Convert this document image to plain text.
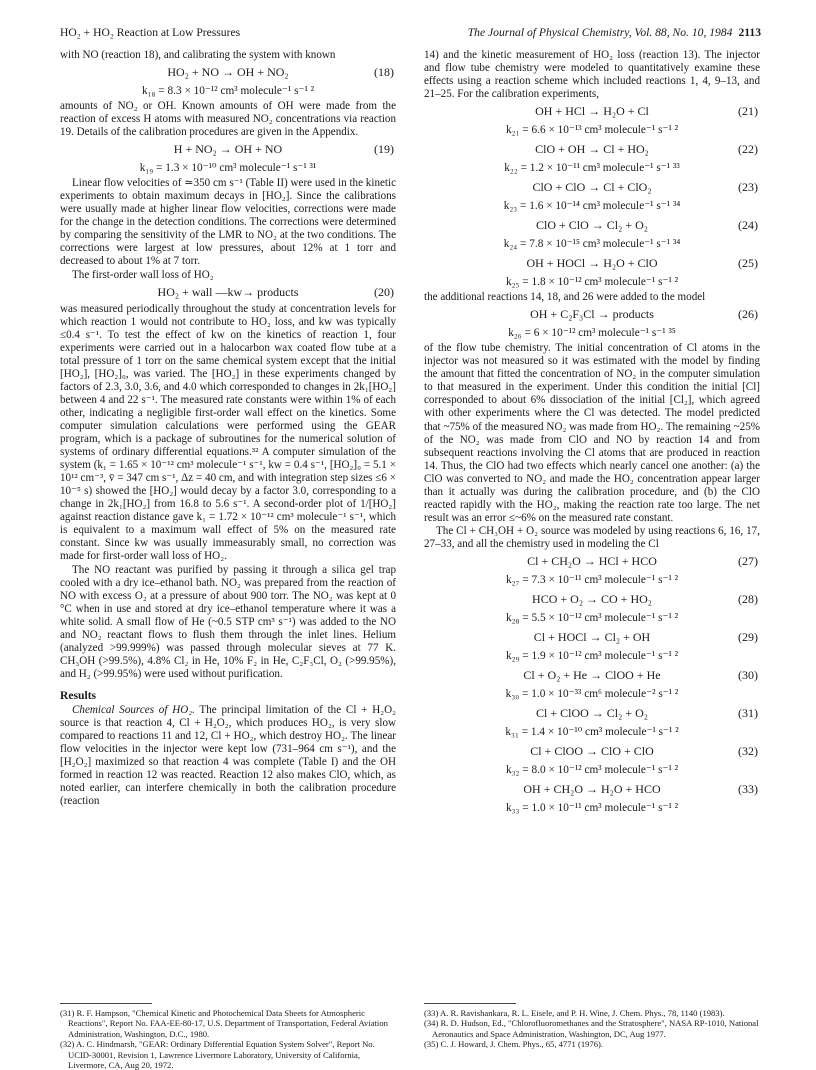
HO₂ + HO₂ Reaction at Low Pressures	The Journal of Physical Chemistry, Vol. 88, No. 10, 1984 2113

with NO (reaction 18), and calibrating the system with known

HO₂ + NO → OH + NO₂	(18)
k₁₈ = 8.3 × 10⁻¹² cm³ molecule⁻¹ s⁻¹ ²

amounts of NO₂ or OH. Known amounts of OH were made from the reaction of excess H atoms with measured NO₂ concentrations via reaction 19. Details of the calibration procedures are given in the Appendix.

H + NO₂ → OH + NO	(19)
k₁₉ = 1.3 × 10⁻¹⁰ cm³ molecule⁻¹ s⁻¹ ³¹

Linear flow velocities of ≃350 cm s⁻¹ (Table II) were used in the kinetic experiments to obtain maximum decays in [HO₂]. Since the calibrations were usually made at higher linear flow velocities, corrections were made for the change in the detection conditions. The corrections were determined by comparing the sensitivity of the LMR to NO₂ at the two conditions. The corrections were largest at low pressures, about 12% at 1 torr and decreased to about 1% at 7 torr.

The first-order wall loss of HO₂

HO₂ + wall —kw→ products	(20)

was measured periodically throughout the study at concentration levels for which reaction 1 would not contribute to HO₂ loss, and kw was typically ≤0.4 s⁻¹. To test the effect of kw on the kinetics of reaction 1, four experiments were carried out in a halocarbon wax coated flow tube at a total pressure of 1 torr on the same chemical system except that the initial [HO₂], [HO₂]₀, was varied. The [HO₂] in these experiments changed by factors of 2.3, 3.0, 3.6, and 4.0 which corresponded to changes in 2k₁[HO₂] between 4 and 22 s⁻¹. The measured rate constants were within 1% of each other, indicating a negligible first-order wall effect on the kinetics. Some computer simulation calculations were performed using the GEAR program, which is a package of subroutines for the numerical solution of systems of ordinary differential equations.³² A computer simulation of the system (k₁ = 1.65 × 10⁻¹² cm³ molecule⁻¹ s⁻¹, kw = 0.4 s⁻¹, [HO₂]₀ = 5.1 × 10¹² cm⁻³, v̄ = 347 cm s⁻¹, Δz = 40 cm, and with integration step sizes ≤6 × 10⁻⁵ s) showed the [HO₂] would decay by a factor 3.0, corresponding to a change in 2k₁[HO₂] from 16.8 to 5.6 s⁻¹. A second-order plot of 1/[HO₂] against reaction distance gave k₁ = 1.72 × 10⁻¹² cm³ molecule⁻¹ s⁻¹, which is equivalent to a maximum wall effect of 5% on the measured rate constant. Since kw was usually immeasurably small, no correction was made for first-order wall loss of HO₂.

The NO reactant was purified by passing it through a silica gel trap cooled with a dry ice–ethanol bath. NO₂ was prepared from the reaction of NO with excess O₂ at a pressure of about 900 torr. The NO₂ was kept at 0 °C when in use and stored at dry ice–ethanol temperature where it was a white solid. A small flow of He (~0.5 STP cm³ s⁻¹) was added to the NO and NO₂ reactant flows to flush them through the inlet lines. Helium (analyzed >99.999%) was passed through molecular sieves at 77 K. CH₃OH (>99.5%), 4.8% Cl₂ in He, 10% F₂ in He, C₂F₃Cl, O₂ (>99.95%), and H₂ (>99.95%) were used without purification.

Results

Chemical Sources of HO₂. The principal limitation of the Cl + H₂O₂ source is that reaction 4, Cl + H₂O₂, which produces HO₂, is very slow compared to reactions 11 and 12, Cl + HO₂, which destroy HO₂. The linear flow velocities in the injector were kept low (731–964 cm s⁻¹), and the [H₂O₂] maximized so that reaction 4 was complete (Table I) and the OH formed in reaction 12 was reacted. Reaction 12 also makes ClO, which, as noted earlier, can interfere chemically in both the calibration procedure (reaction

14) and the kinetic measurement of HO₂ loss (reaction 13). The injector and flow tube chemistry were modeled to quantitatively examine these effects using a reaction scheme which included reactions 1, 4, 9–13, and 21–25. For the calibration experiments,

OH + HCl → H₂O + Cl	(21)
k₂₁ = 6.6 × 10⁻¹³ cm³ molecule⁻¹ s⁻¹ ²
ClO + OH → Cl + HO₂	(22)
k₂₂ = 1.2 × 10⁻¹¹ cm³ molecule⁻¹ s⁻¹ ³³
ClO + ClO → Cl + ClO₂	(23)
k₂₃ = 1.6 × 10⁻¹⁴ cm³ molecule⁻¹ s⁻¹ ³⁴
ClO + ClO → Cl₂ + O₂	(24)
k₂₄ = 7.8 × 10⁻¹⁵ cm³ molecule⁻¹ s⁻¹ ³⁴
OH + HOCl → H₂O + ClO	(25)
k₂₅ = 1.8 × 10⁻¹² cm³ molecule⁻¹ s⁻¹ ²

the additional reactions 14, 18, and 26 were added to the model

OH + C₂F₃Cl → products	(26)
k₂₆ = 6 × 10⁻¹² cm³ molecule⁻¹ s⁻¹ ³⁵

of the flow tube chemistry. The initial concentration of Cl atoms in the injector was not measured so it was estimated with the model by finding the amount that fitted the concentration of NO₂ in the computer simulation to that measured in the experiment. Under this condition the initial [Cl] corresponded to about 6% dissociation of the initial [Cl₂], which agreed with other experiments where the Cl was detected. The model predicted that ~75% of the measured NO₂ was made from HO₂. The remaining ~25% of the NO₂ was made from ClO and NO by reaction 14 and from subsequent reactions involving the Cl atoms that are produced in reaction 14. Thus, the ClO had two effects which nearly cancel one another: (a) the ClO was converted to NO₂ and made the HO₂ concentration appear larger than it actually was during the calibration procedure, and (b) the ClO reacted rapidly with the HO₂, making the reaction rate too large. The net result was an error ≤~6% on the measured rate constant.

The Cl + CH₃OH + O₂ source was modeled by using reactions 6, 16, 17, 27–33, and all the chemistry used in modeling the Cl

Cl + CH₂O → HCl + HCO	(27)
k₂₇ = 7.3 × 10⁻¹¹ cm³ molecule⁻¹ s⁻¹ ²
HCO + O₂ → CO + HO₂	(28)
k₂₈ = 5.5 × 10⁻¹² cm³ molecule⁻¹ s⁻¹ ²
Cl + HOCl → Cl₂ + OH	(29)
k₂₉ = 1.9 × 10⁻¹² cm³ molecule⁻¹ s⁻¹ ²
Cl + O₂ + He → ClOO + He	(30)
k₃₀ = 1.0 × 10⁻³³ cm⁶ molecule⁻² s⁻¹ ²
Cl + ClOO → Cl₂ + O₂	(31)
k₃₁ = 1.4 × 10⁻¹⁰ cm³ molecule⁻¹ s⁻¹ ²
Cl + ClOO → ClO + ClO	(32)
k₃₂ = 8.0 × 10⁻¹² cm³ molecule⁻¹ s⁻¹ ²
OH + CH₂O → H₂O + HCO	(33)
k₃₃ = 1.0 × 10⁻¹¹ cm³ molecule⁻¹ s⁻¹ ²

(31) R. F. Hampson, "Chemical Kinetic and Photochemical Data Sheets for Atmospheric Reactions", Report No. FAA-EE-80-17, U.S. Department of Transportation, Federal Aviation Administration, Washington, D.C., 1980.

(32) A. C. Hindmarsh, "GEAR: Ordinary Differential Equation System Solver", Report No. UCID-30001, Revision 1, Lawrence Livermore Laboratory, University of California, Livermore, CA, Aug 20, 1972.

(33) A. R. Ravishankara, R. L. Eisele, and P. H. Wine, J. Chem. Phys., 78, 1140 (1983).

(34) R. D. Hudson, Ed., "Chlorofluoromethanes and the Stratosphere", NASA RP-1010, National Aeronautics and Space Administration, Washington, DC, Aug 1977.

(35) C. J. Howard, J. Chem. Phys., 65, 4771 (1976).
